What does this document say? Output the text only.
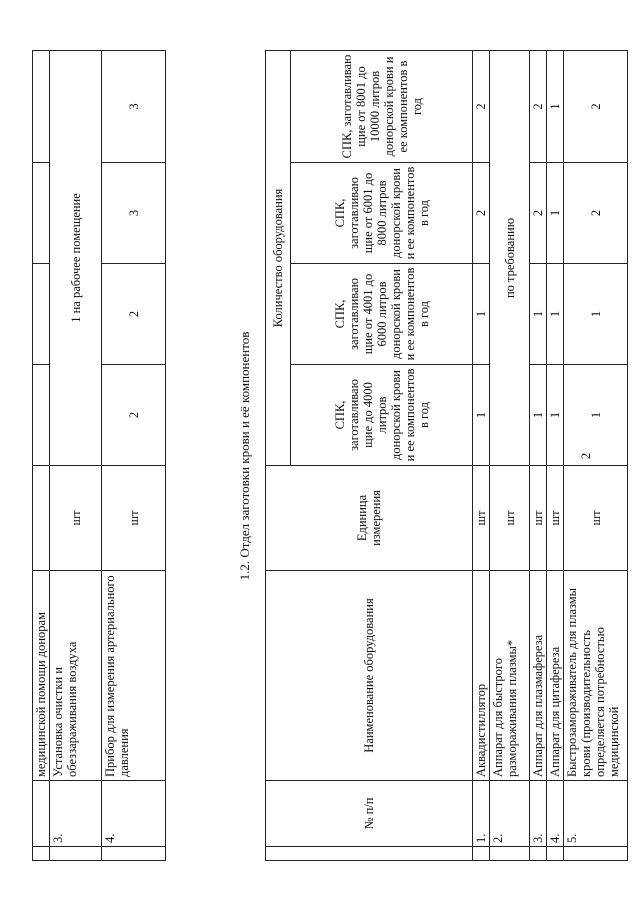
		медицинской помощи донорам					
	3.	Установка очистки и обеззараживания воздуха	шт	1 на рабочее помещение			
	4.	Прибор для измерения артериального давления	шт	2	2	3	3
1.2. Отдел заготовки крови и её компонентов
	№ п/п	Наименование оборудования	Единица измерения	Количество оборудования			
				СПК, заготавливаю щие до 4000 литров донорской крови и ее компонентов в год	СПК, заготавливаю щие от 4001 до 6000 литров донорской крови и ее компонентов в год	СПК, заготавливаю щие от 6001 до 8000 литров донорской крови и ее компонентов в год	СПК, заготавливаю щие от 8001 до 10000 литров донорской крови и ее компонентов в год
	1.	Аквадистиллятор	шт	1	1	2	2
	2.	Аппарат для быстрого размораживания плазмы*	шт	по требованию			
	3.	Аппарат для плазмафереза	шт	1	1	2	2
	4.	Аппарат для цитафереза	шт	1	1	1	1
	5.	Быстрозамораживатель для плазмы крови (производительность определяется потребностью медицинской	шт	1	1	2	2
2
